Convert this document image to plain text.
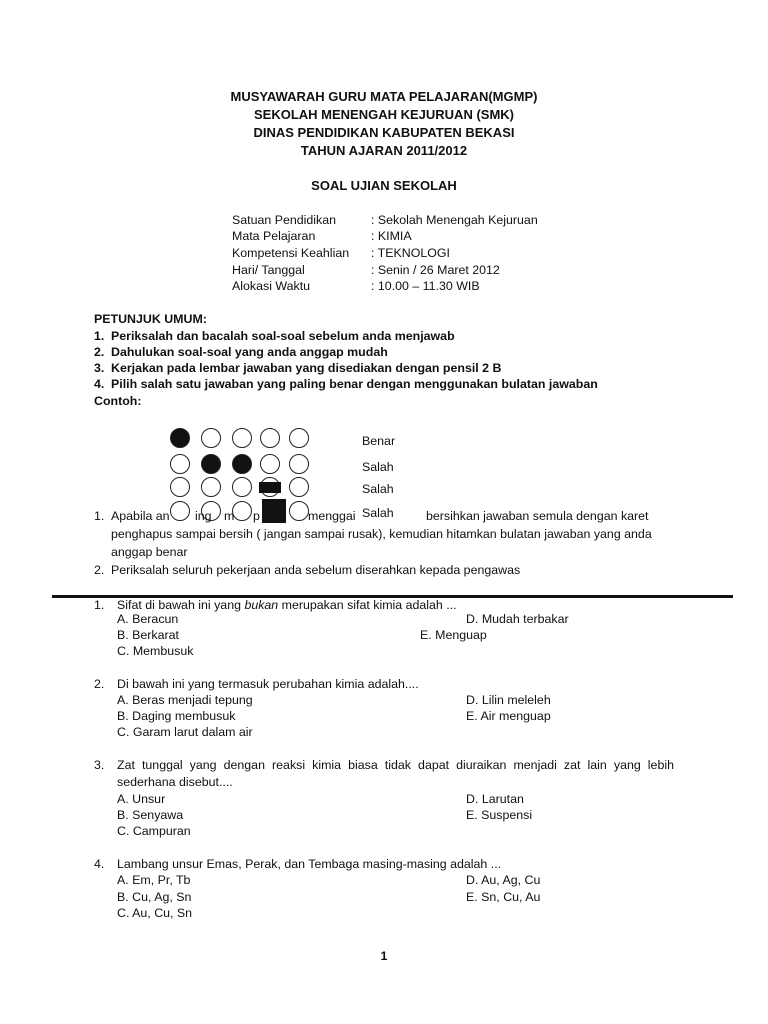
MUSYAWARAH GURU MATA PELAJARAN(MGMP)
SEKOLAH MENENGAH KEJURUAN (SMK)
DINAS PENDIDIKAN KABUPATEN BEKASI
TAHUN AJARAN 2011/2012
SOAL UJIAN SEKOLAH
Satuan Pendidikan	: Sekolah Menengah Kejuruan
Mata Pelajaran	: KIMIA
Kompetensi Keahlian : TEKNOLOGI
Hari/ Tanggal	: Senin / 26 Maret 2012
Alokasi Waktu	: 10.00 – 11.30 WIB
PETUNJUK UMUM:
1. Periksalah dan bacalah soal-soal sebelum anda menjawab
2. Dahulukan soal-soal yang anda anggap mudah
3. Kerjakan pada lembar jawaban yang disediakan dengan pensil 2 B
4. Pilih salah satu jawaban yang paling benar dengan menggunakan bulatan jawaban
Contoh:
Benar
Salah
Salah
Salah
1. Apabila an ing m p	menggai	bersihkan jawaban semula dengan karet
penghapus sampai bersih ( jangan sampai rusak), kemudian hitamkan bulatan jawaban yang anda
anggap benar
2. Periksalah seluruh pekerjaan anda sebelum diserahkan kepada pengawas
1. Sifat di bawah ini yang bukan merupakan sifat kimia adalah ...
A. Beracun
B. Berkarat
C. Membusuk
D. Mudah terbakar
E. Menguap
2. Di bawah ini yang termasuk perubahan kimia adalah....
A. Beras menjadi tepung
B. Daging membusuk
C. Garam larut dalam air
D. Lilin meleleh
E. Air menguap
3. Zat tunggal yang dengan reaksi kimia biasa tidak dapat diuraikan menjadi zat lain yang lebih
sederhana disebut....
A. Unsur
B. Senyawa
C. Campuran
D. Larutan
E. Suspensi
4. Lambang unsur Emas, Perak, dan Tembaga masing-masing adalah ...
A. Em, Pr, Tb
B. Cu, Ag, Sn
C. Au, Cu, Sn
D. Au, Ag, Cu
E. Sn, Cu, Au
1
